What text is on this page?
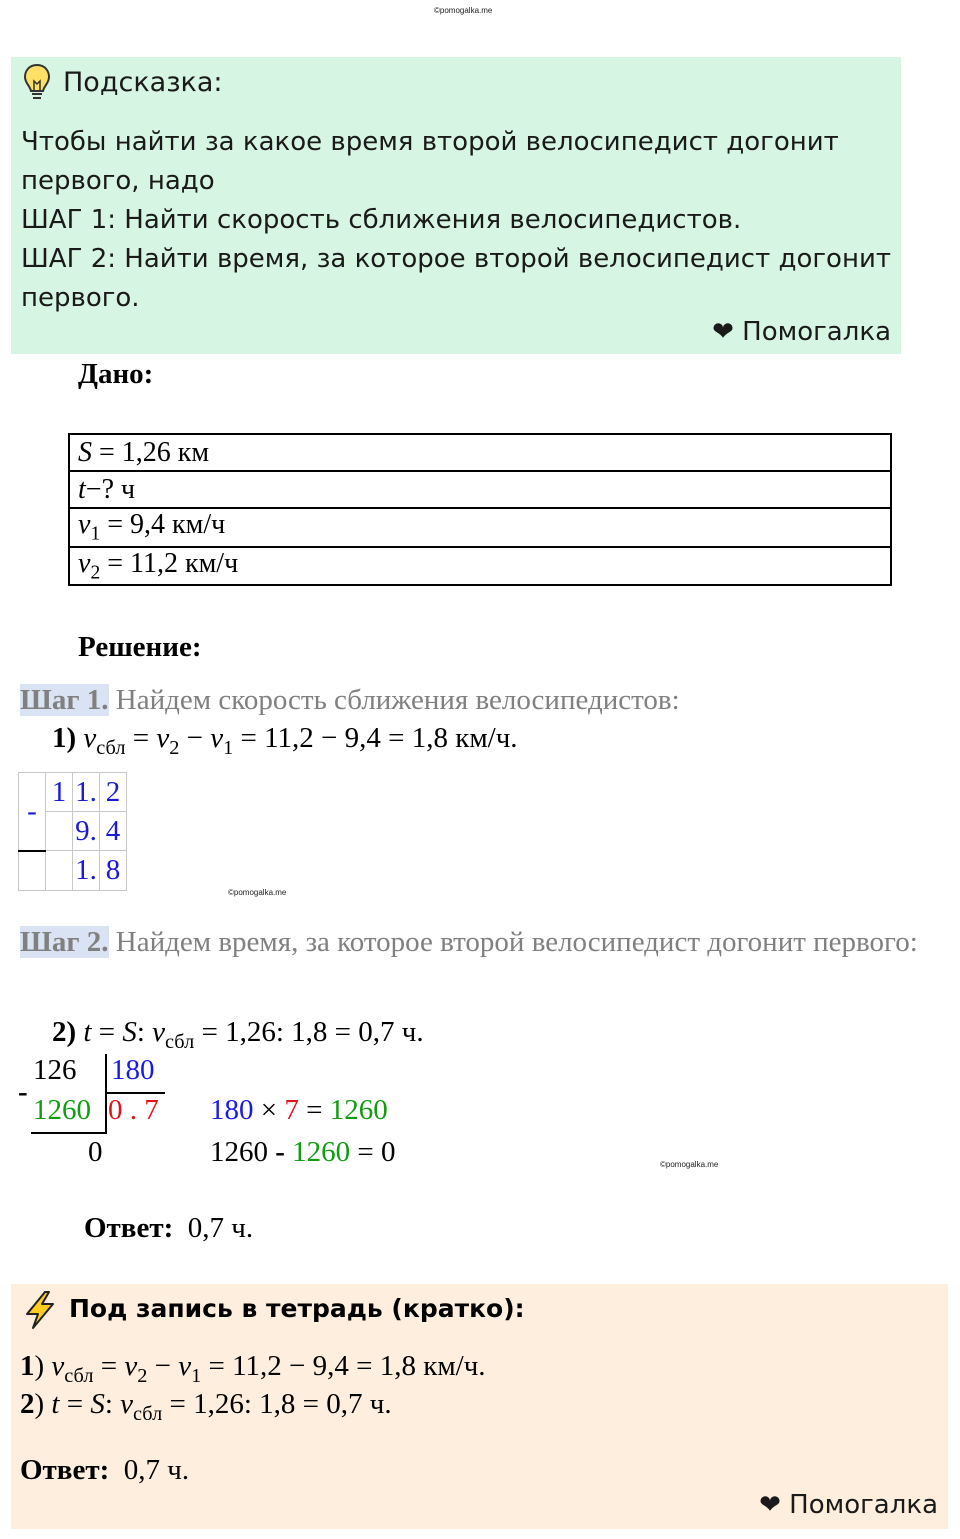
©pomogalka.me
Подсказка:

Чтобы найти за какое время второй велосипедист догонит первого, надо

ШАГ 1: Найти скорость сближения велосипедистов.

ШАГ 2: Найти время, за которое второй велосипедист догонит первого.

❤ Помогалка
Дано:
S = 1,26 км
t−? ч
$v_1 = 9,4$ км/ч
$v_2 = 11,2$ км/ч
Решение:
Шаг 1. Найдем скорость сближения велосипедистов:
1) $v_{сбл} = v_2 - v_1 = 11,2 - 9,4 = 1,8$ км/ч.
-	1	1.	2
		9.	4
		1.	8
©pomogalka.me
Шаг 2. Найдем время, за которое второй велосипедист догонит первого:
2) t = S: $v_{сбл} = 1,26$: 1,8 = 0,7 ч.
126 180
-
1260 0 . 7
0
180 × 7 = 1260
1260 - 1260 = 0	©pomogalka.me
Ответ: 0,7 ч.
Под запись в тетрадь (кратко):
1) $v_{сбл} = v_2 - v_1 = 11,2 - 9,4 = 1,8$ км/ч.
2) t = S: $v_{сбл} = 1,26$: 1,8 = 0,7 ч.
Ответ: 0,7 ч.
❤ Помогалка
